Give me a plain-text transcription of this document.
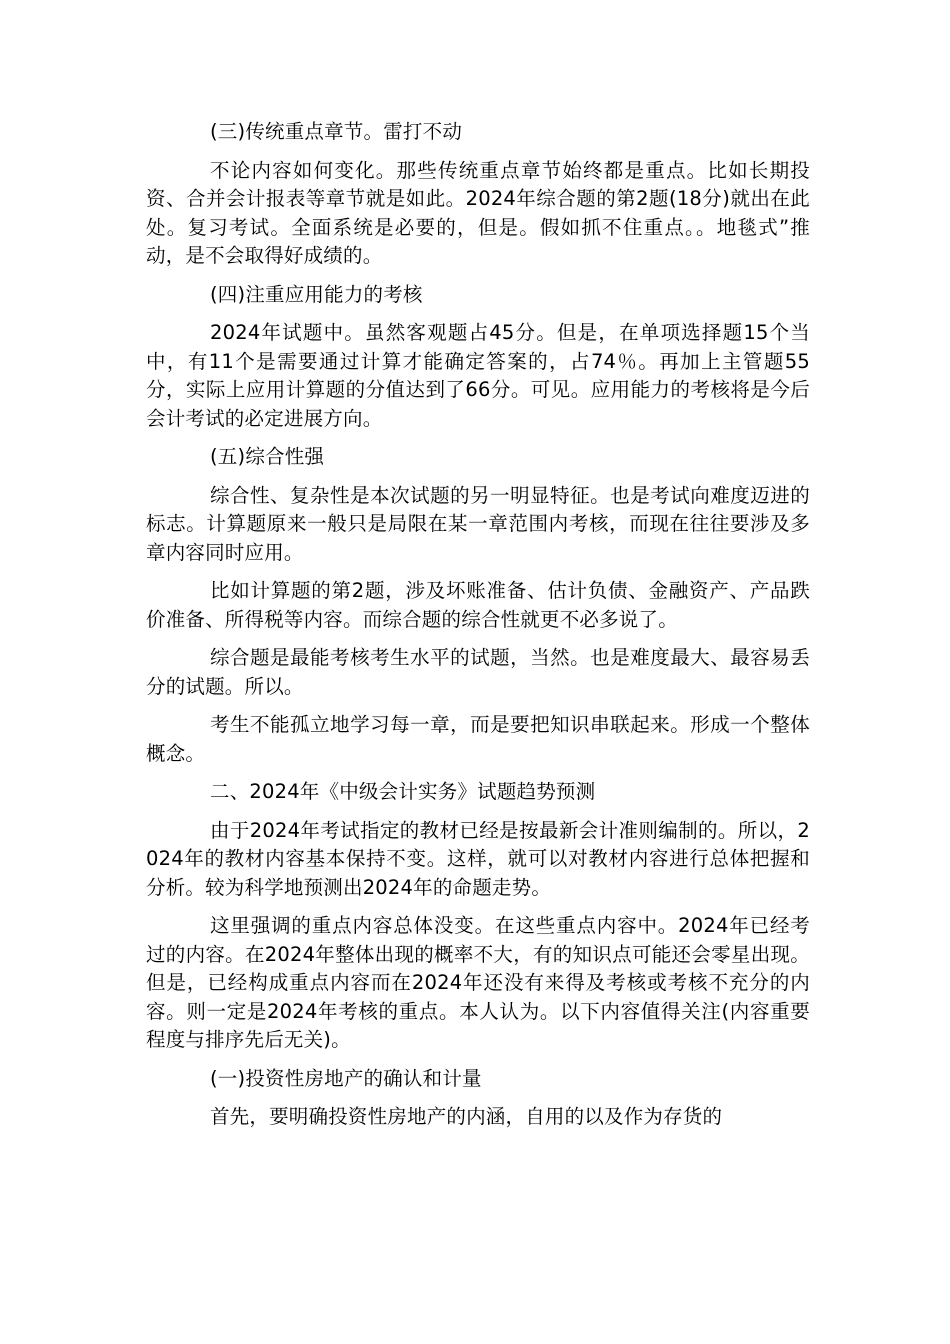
(三)传统重点章节。雷打不动

不论内容如何变化。那些传统重点章节始终都是重点。比如长期投资、合并会计报表等章节就是如此。2024年综合题的第2题(18分)就出在此处。复习考试。全面系统是必要的，但是。假如抓不住重点。。地毯式”推动，是不会取得好成绩的。

(四)注重应用能力的考核

2024年试题中。虽然客观题占45分。但是，在单项选择题15个当中，有11个是需要通过计算才能确定答案的，占74％。再加上主管题55分，实际上应用计算题的分值达到了66分。可见。应用能力的考核将是今后会计考试的必定进展方向。

(五)综合性强

综合性、复杂性是本次试题的另一明显特征。也是考试向难度迈进的标志。计算题原来一般只是局限在某一章范围内考核，而现在往往要涉及多章内容同时应用。

比如计算题的第2题，涉及坏账准备、估计负债、金融资产、产品跌价准备、所得税等内容。而综合题的综合性就更不必多说了。

综合题是最能考核考生水平的试题，当然。也是难度最大、最容易丢分的试题。所以。

考生不能孤立地学习每一章，而是要把知识串联起来。形成一个整体概念。

二、2024年《中级会计实务》试题趋势预测

由于2024年考试指定的教材已经是按最新会计准则编制的。所以，2024年的教材内容基本保持不变。这样，就可以对教材内容进行总体把握和分析。较为科学地预测出2024年的命题走势。

这里强调的重点内容总体没变。在这些重点内容中。2024年已经考过的内容。在2024年整体出现的概率不大，有的知识点可能还会零星出现。但是，已经构成重点内容而在2024年还没有来得及考核或考核不充分的内容。则一定是2024年考核的重点。本人认为。以下内容值得关注(内容重要程度与排序先后无关)。

(一)投资性房地产的确认和计量

首先，要明确投资性房地产的内涵，自用的以及作为存货的
